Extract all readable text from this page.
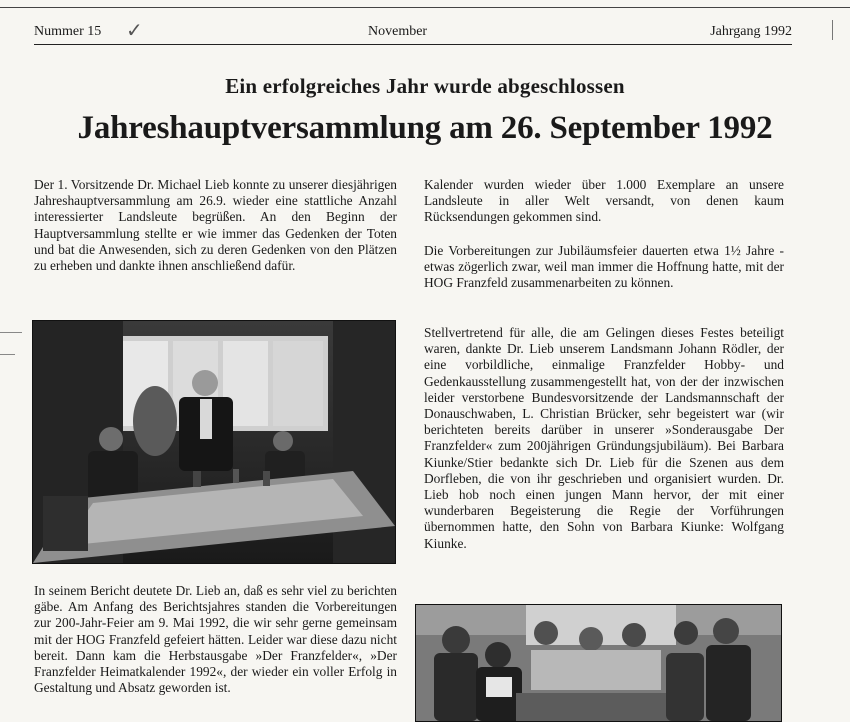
Nummer 15 ✓	November	Jahrgang 1992
Ein erfolgreiches Jahr wurde abgeschlossen
Jahreshauptversammlung am 26. September 1992

Der 1. Vorsitzende Dr. Michael Lieb konnte zu unserer diesjährigen Jahreshauptversammlung am 26.9. wieder eine stattliche Anzahl interessierter Landsleute begrüßen. An den Beginn der Hauptversammlung stellte er wie immer das Gedenken der Toten und bat die Anwesenden, sich zu deren Gedenken von den Plätzen zu erheben und dankte ihnen anschließend dafür.

In seinem Bericht deutete Dr. Lieb an, daß es sehr viel zu berichten gäbe. Am Anfang des Berichtsjahres standen die Vorbereitungen zur 200-Jahr-Feier am 9. Mai 1992, die wir sehr gerne gemeinsam mit der HOG Franzfeld gefeiert hätten. Leider war diese dazu nicht bereit. Dann kam die Herbstausgabe »Der Franzfelder«, »Der Franzfelder Heimatkalender 1992«, der wieder ein voller Erfolg in Gestaltung und Absatz geworden ist.

Kalender wurden wieder über 1.000 Exemplare an unsere Landsleute in aller Welt versandt, von denen kaum Rücksendungen gekommen sind.

Die Vorbereitungen zur Jubiläumsfeier dauerten etwa 1½ Jahre - etwas zögerlich zwar, weil man immer die Hoffnung hatte, mit der HOG Franzfeld zusammenarbeiten zu können.

Stellvertretend für alle, die am Gelingen dieses Festes beteiligt waren, dankte Dr. Lieb unserem Landsmann Johann Rödler, der eine vorbildliche, einmalige Franzfelder Hobby- und Gedenkausstellung zusammengestellt hat, von der der inzwischen leider verstorbene Bundesvorsitzende der Landsmannschaft der Donauschwaben, L. Christian Brücker, sehr begeistert war (wir berichteten bereits darüber in unserer »Sonderausgabe Der Franzfelder« zum 200jährigen Gründungsjubiläum). Bei Barbara Kiunke/Stier bedankte sich Dr. Lieb für die Szenen aus dem Dorfleben, die von ihr geschrieben und organisiert wurden. Dr. Lieb hob noch einen jungen Mann hervor, der mit einer wunderbaren Begeisterung die Regie der Vorführungen übernommen hatte, den Sohn von Barbara Kiunke: Wolfgang Kiunke.
